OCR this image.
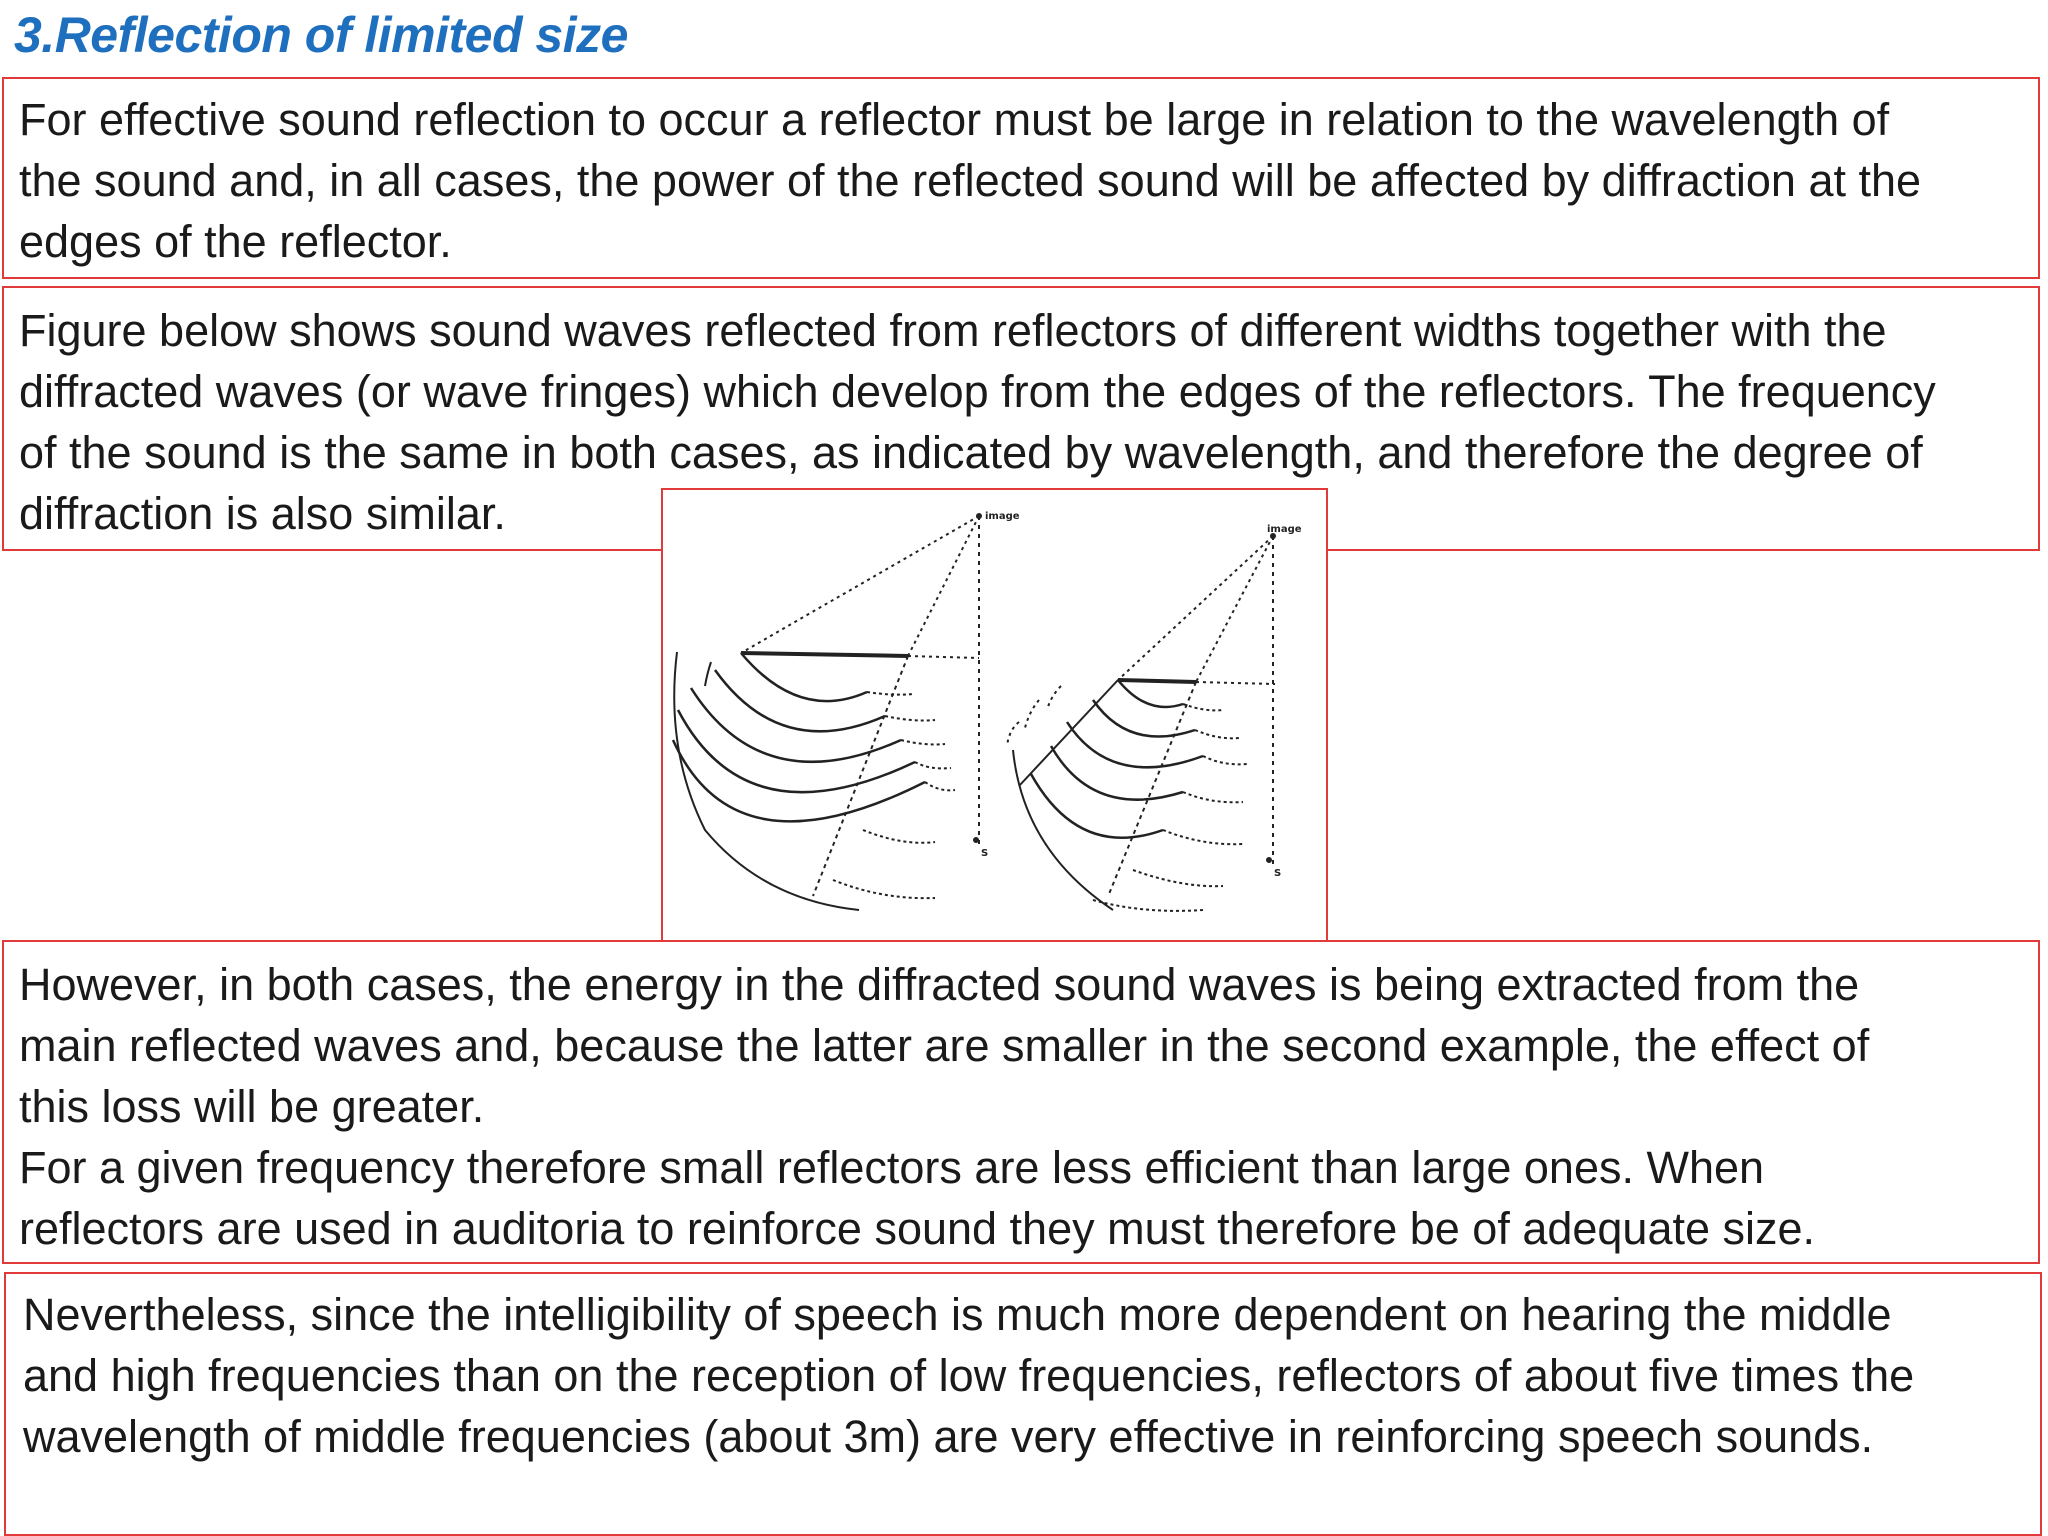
3.Reflection of limited size

For effective sound reflection to occur a reflector must be large in relation to the wavelength of

the sound and, in all cases, the power of the reflected sound will be affected by diffraction at the

edges of the reflector.

Figure below shows sound waves reflected from reflectors of different widths together with the

diffracted waves (or wave fringes) which develop from the edges of the reflectors. The frequency

of the sound is the same in both cases, as indicated by wavelength, and therefore the degree of

diffraction is also similar.	image
S
image
S

However, in both cases, the energy in the diffracted sound waves is being extracted from the

main reflected waves and, because the latter are smaller in the second example, the effect of

this loss will be greater.

For a given frequency therefore small reflectors are less efficient than large ones. When

reflectors are used in auditoria to reinforce sound they must therefore be of adequate size.

Nevertheless, since the intelligibility of speech is much more dependent on hearing the middle

and high frequencies than on the reception of low frequencies, reflectors of about five times the

wavelength of middle frequencies (about 3m) are very effective in reinforcing speech sounds.
